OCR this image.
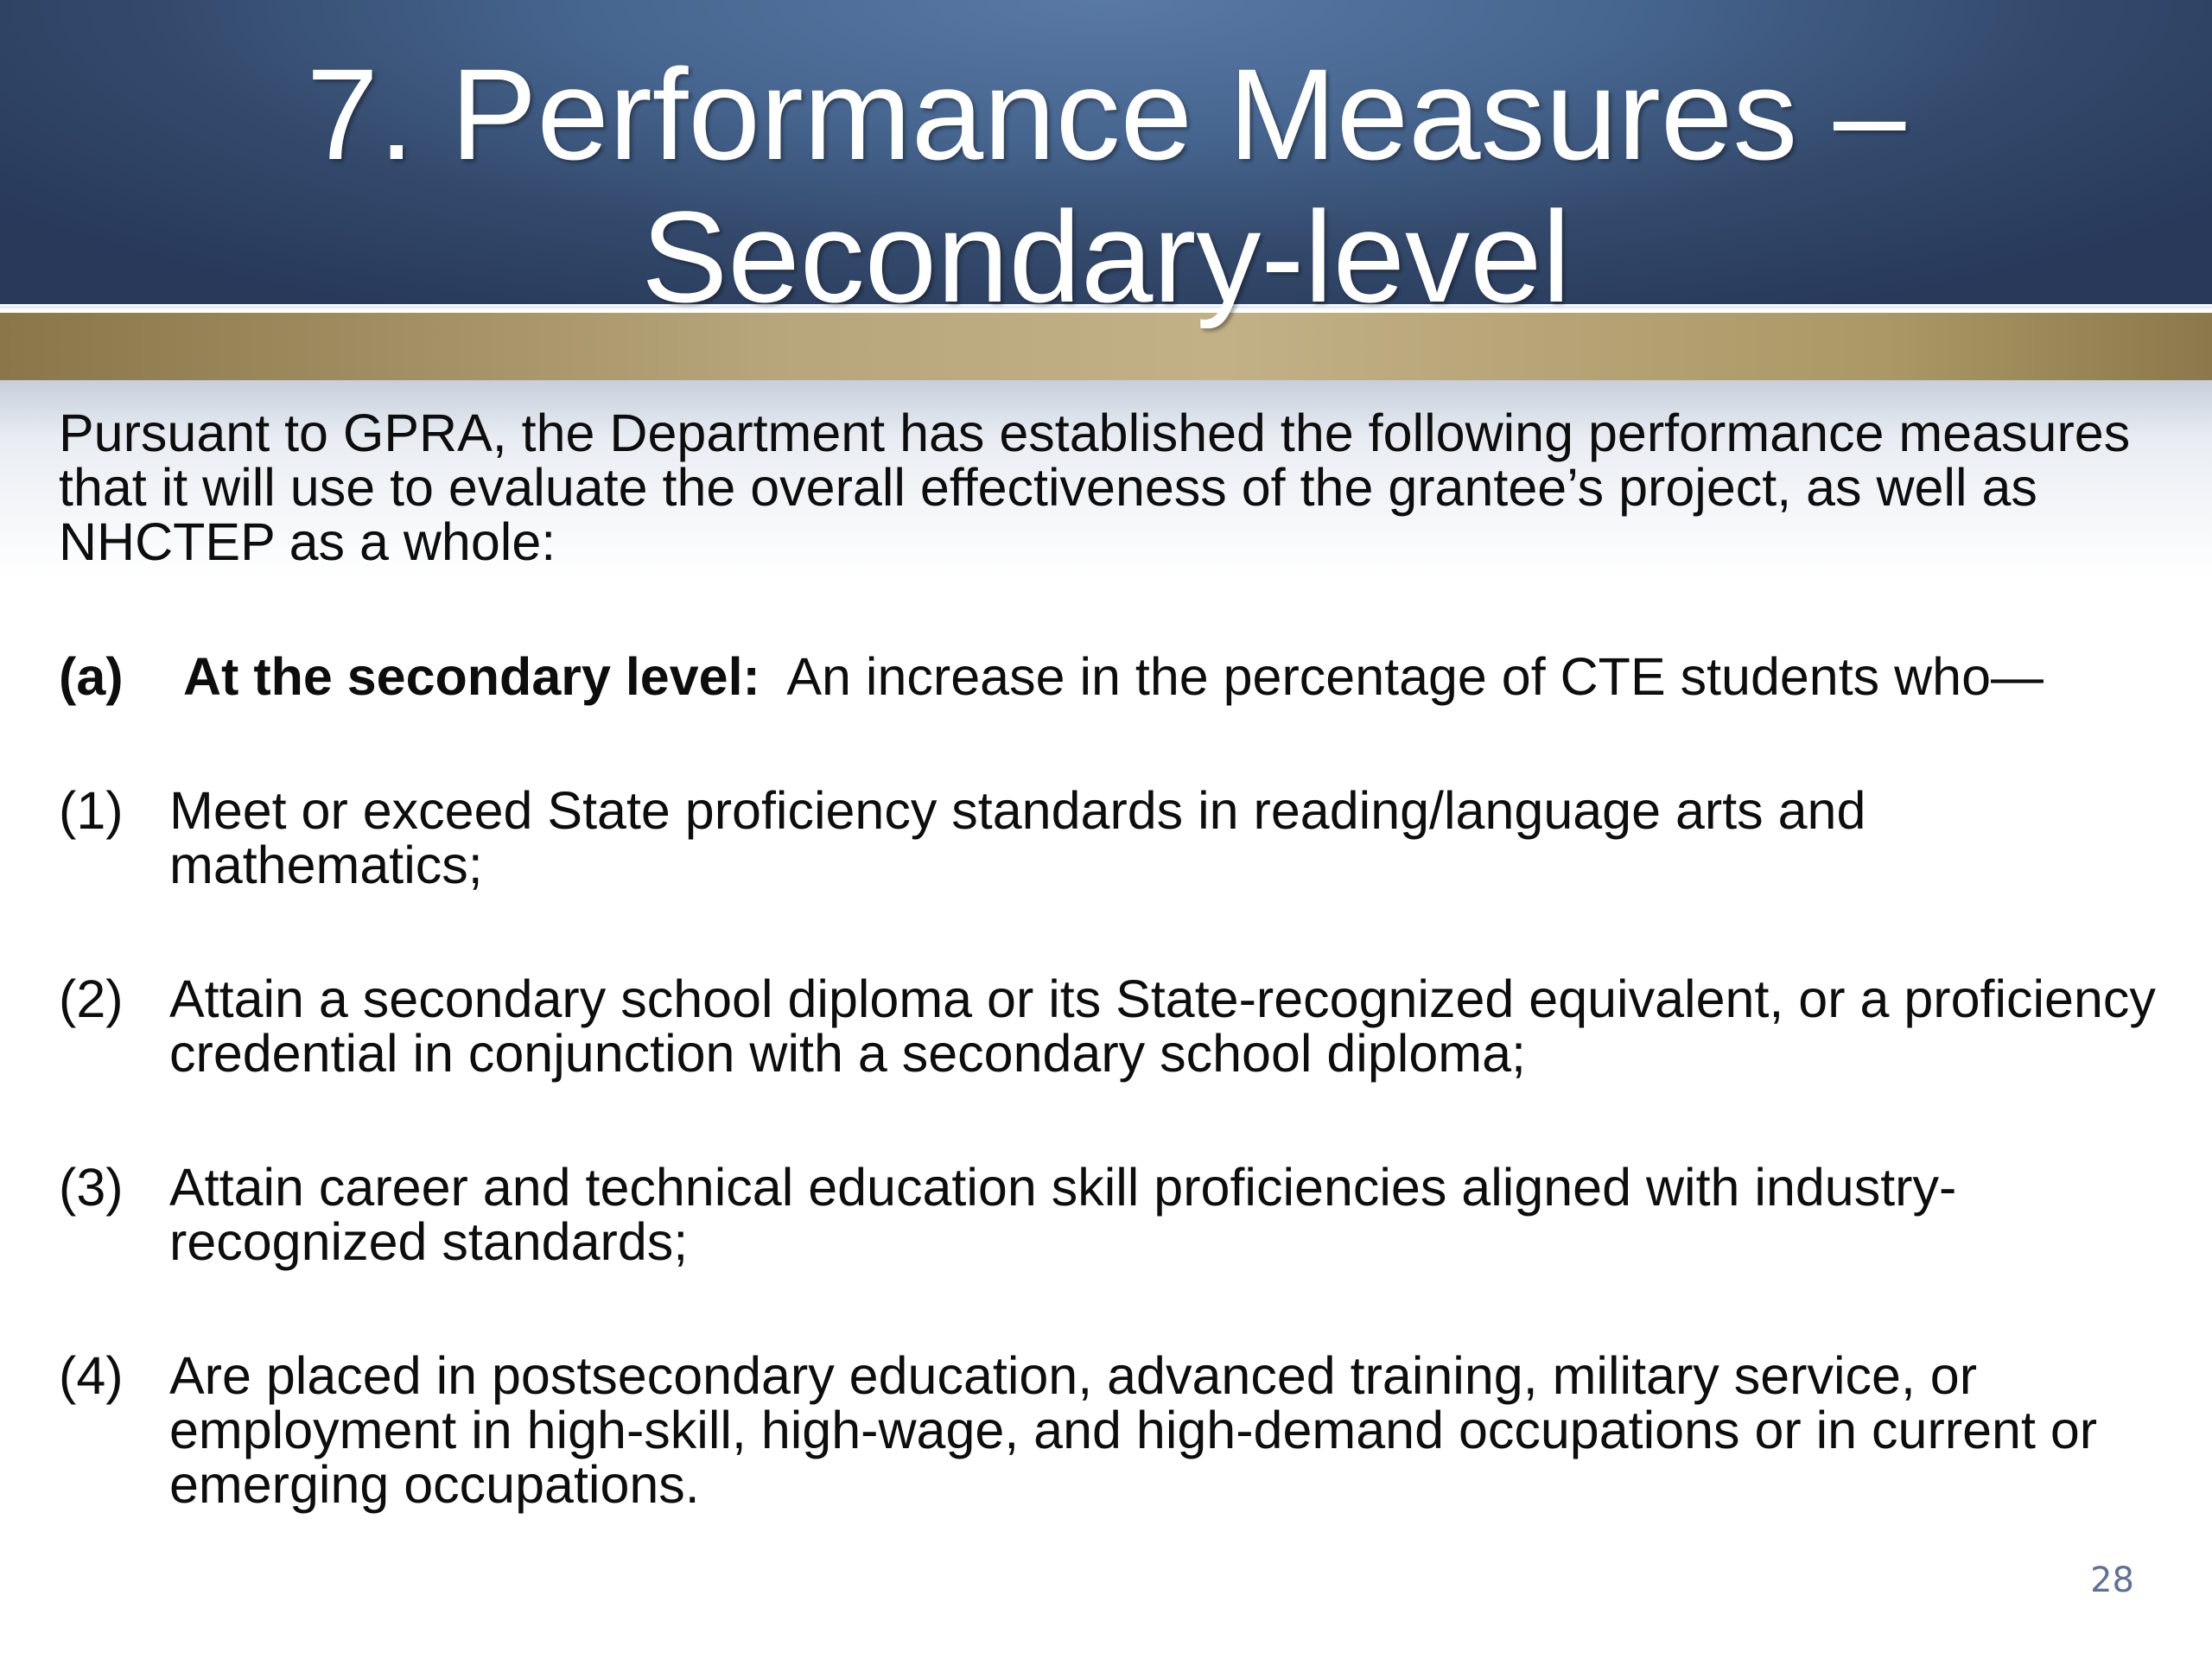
7. Performance Measures –
Secondary-level

Pursuant to GPRA, the Department has established the following performance measures that it will use to evaluate the overall effectiveness of the grantee’s project, as well as NHCTEP as a whole:

(a) At the secondary level: An increase in the percentage of CTE students who—
(1) Meet or exceed State proficiency standards in reading/language arts and mathematics;
(2) Attain a secondary school diploma or its State-recognized equivalent, or a proficiency credential in conjunction with a secondary school diploma;
(3) Attain career and technical education skill proficiencies aligned with industry-recognized standards;
(4) Are placed in postsecondary education, advanced training, military service, or employment in high-skill, high-wage, and high-demand occupations or in current or emerging occupations.
28
